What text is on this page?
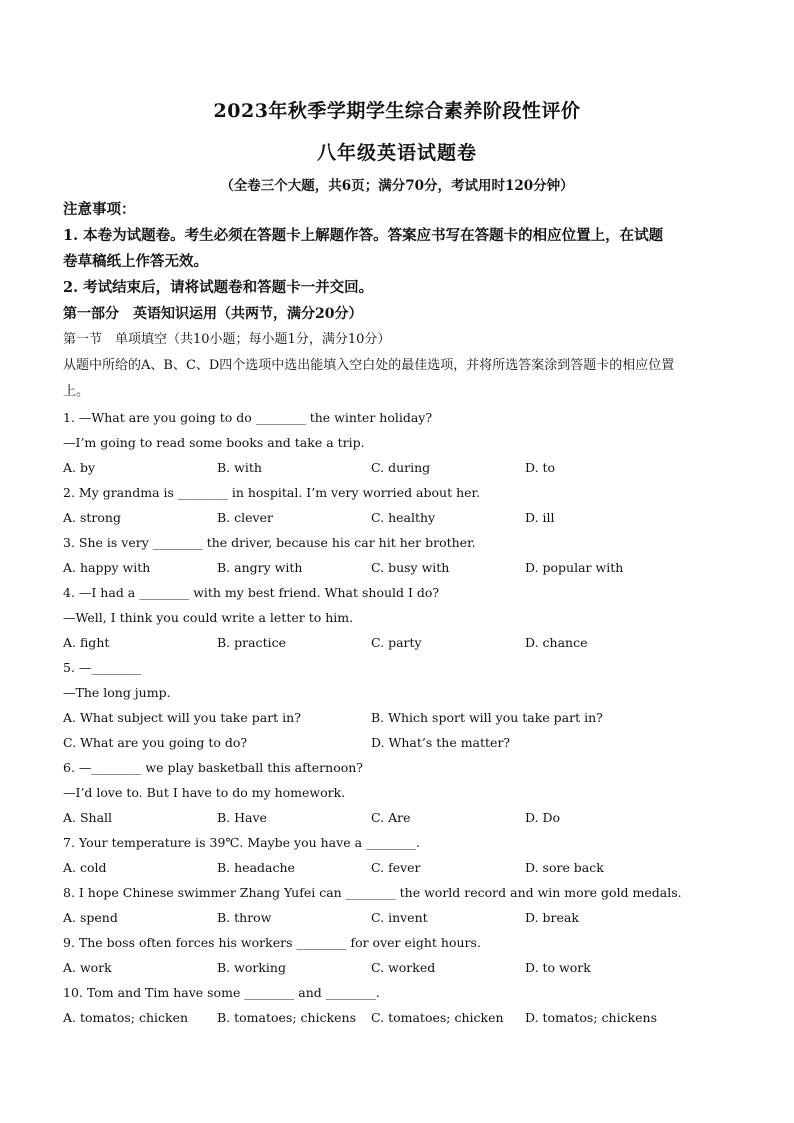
2023年秋季学期学生综合素养阶段性评价
八年级英语试题卷
（全卷三个大题，共6页；满分70分，考试用时120分钟）
注意事项：
1. 本卷为试题卷。考生必须在答题卡上解题作答。答案应书写在答题卡的相应位置上，在试题
卷草稿纸上作答无效。
2. 考试结束后，请将试题卷和答题卡一并交回。
第一部分　英语知识运用（共两节，满分20分）
第一节　单项填空（共10小题；每小题1分，满分10分）
从题中所给的A、B、C、D四个选项中选出能填入空白处的最佳选项，并将所选答案涂到答题卡的相应位置
上。
1. —What are you going to do ________ the winter holiday?
—I’m going to read some books and take a trip.
A. by	B. with	C. during	D. to
2. My grandma is ________ in hospital. I’m very worried about her.
A. strong	B. clever	C. healthy	D. ill
3. She is very ________ the driver, because his car hit her brother.
A. happy with	B. angry with	C. busy with	D. popular with
4. —I had a ________ with my best friend. What should I do?
—Well, I think you could write a letter to him.
A. fight	B. practice	C. party	D. chance
5. —________
—The long jump.
A. What subject will you take part in?	B. Which sport will you take part in?
C. What are you going to do?	D. What’s the matter?
6. —________ we play basketball this afternoon?
—I’d love to. But I have to do my homework.
A. Shall	B. Have	C. Are	D. Do
7. Your temperature is 39℃. Maybe you have a ________.
A. cold	B. headache	C. fever	D. sore back
8. I hope Chinese swimmer Zhang Yufei can ________ the world record and win more gold medals.
A. spend	B. throw	C. invent	D. break
9. The boss often forces his workers ________ for over eight hours.
A. work	B. working	C. worked	D. to work
10. Tom and Tim have some ________ and ________.
A. tomatos; chicken	B. tomatoes; chickens	C. tomatoes; chicken	D. tomatos; chickens
